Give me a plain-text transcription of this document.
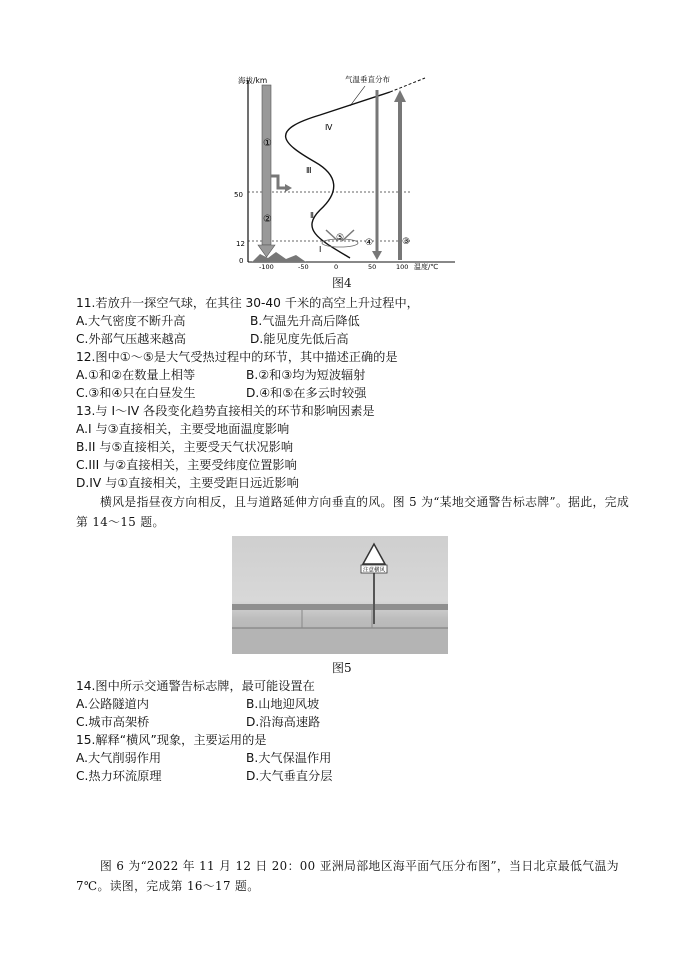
海拔/km
温度/℃
50
12
0
-100	-50	0	50	100
①
②
气温垂直分布
Ⅳ
Ⅲ
Ⅱ
Ⅰ
⑤ ④	③
图4
11.若放升一探空气球，在其往 30-40 千米的高空上升过程中，
A.大气密度不断升高	B.气温先升高后降低
C.外部气压越来越高	D.能见度先低后高
12.图中①～⑤是大气受热过程中的环节，其中描述正确的是
A.①和②在数量上相等	B.②和③均为短波辐射
C.③和④只在白昼发生	D.④和⑤在多云时较强
13.与 I～IV 各段变化趋势直接相关的环节和影响因素是
A.I 与③直接相关，主要受地面温度影响
B.II 与⑤直接相关，主要受天气状况影响
C.III 与②直接相关，主要受纬度位置影响
D.IV 与①直接相关，主要受距日远近影响
横风是指昼夜方向相反，且与道路延伸方向垂直的风。图 5 为“某地交通警告标志牌”。据此，完成第 14～15 题。
注意横风
图5
14.图中所示交通警告标志牌，最可能设置在
A.公路隧道内	B.山地迎风坡
C.城市高架桥	D.沿海高速路
15.解释“横风”现象，主要运用的是
A.大气削弱作用	B.大气保温作用
C.热力环流原理	D.大气垂直分层
图 6 为“2022 年 11 月 12 日 20：00 亚洲局部地区海平面气压分布图”，当日北京最低气温为 7℃。读图，完成第 16～17 题。
